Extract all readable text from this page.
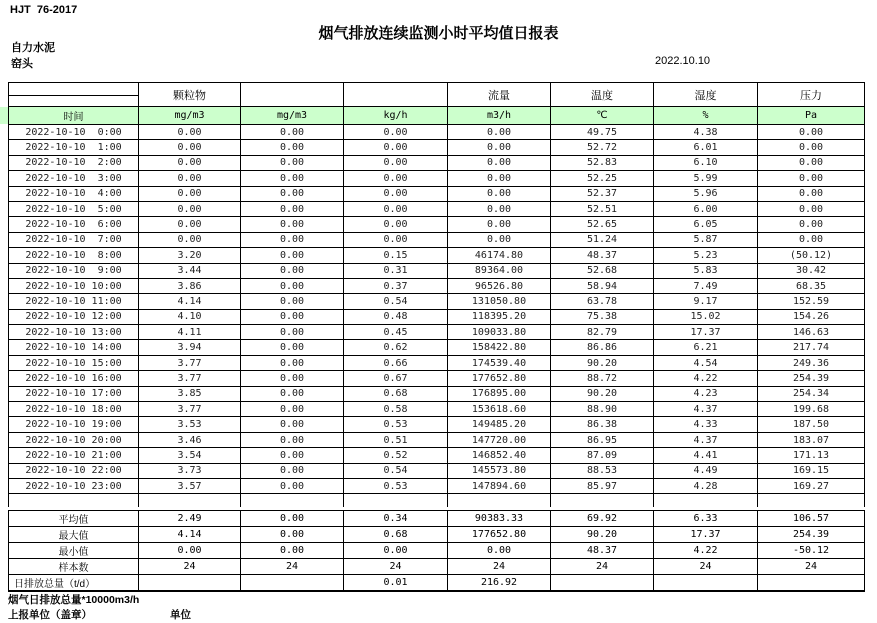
HJT  76-2017
烟气排放连续监测小时平均值日报表
自力水泥
窑头	2022.10.10
	颗粒物			流量	温度	湿度	压力
时间	mg/m3	mg/m3	kg/h	m3/h	℃	%	Pa
2022-10-10  0:00	0.00	0.00	0.00	0.00	49.75	4.38	0.00
2022-10-10  1:00	0.00	0.00	0.00	0.00	52.72	6.01	0.00
2022-10-10  2:00	0.00	0.00	0.00	0.00	52.83	6.10	0.00
2022-10-10  3:00	0.00	0.00	0.00	0.00	52.25	5.99	0.00
2022-10-10  4:00	0.00	0.00	0.00	0.00	52.37	5.96	0.00
2022-10-10  5:00	0.00	0.00	0.00	0.00	52.51	6.00	0.00
2022-10-10  6:00	0.00	0.00	0.00	0.00	52.65	6.05	0.00
2022-10-10  7:00	0.00	0.00	0.00	0.00	51.24	5.87	0.00
2022-10-10  8:00	3.20	0.00	0.15	46174.80	48.37	5.23	(50.12)
2022-10-10  9:00	3.44	0.00	0.31	89364.00	52.68	5.83	30.42
2022-10-10 10:00	3.86	0.00	0.37	96526.80	58.94	7.49	68.35
2022-10-10 11:00	4.14	0.00	0.54	131050.80	63.78	9.17	152.59
2022-10-10 12:00	4.10	0.00	0.48	118395.20	75.38	15.02	154.26
2022-10-10 13:00	4.11	0.00	0.45	109033.80	82.79	17.37	146.63
2022-10-10 14:00	3.94	0.00	0.62	158422.80	86.86	6.21	217.74
2022-10-10 15:00	3.77	0.00	0.66	174539.40	90.20	4.54	249.36
2022-10-10 16:00	3.77	0.00	0.67	177652.80	88.72	4.22	254.39
2022-10-10 17:00	3.85	0.00	0.68	176895.00	90.20	4.23	254.34
2022-10-10 18:00	3.77	0.00	0.58	153618.60	88.90	4.37	199.68
2022-10-10 19:00	3.53	0.00	0.53	149485.20	86.38	4.33	187.50
2022-10-10 20:00	3.46	0.00	0.51	147720.00	86.95	4.37	183.07
2022-10-10 21:00	3.54	0.00	0.52	146852.40	87.09	4.41	171.13
2022-10-10 22:00	3.73	0.00	0.54	145573.80	88.53	4.49	169.15
2022-10-10 23:00	3.57	0.00	0.53	147894.60	85.97	4.28	169.27

平均值	2.49	0.00	0.34	90383.33	69.92	6.33	106.57
最大值	4.14	0.00	0.68	177652.80	90.20	17.37	254.39
最小值	0.00	0.00	0.00	0.00	48.37	4.22	-50.12
样本数	24	24	24	24	24	24	24
日排放总量（t/d）			0.01	216.92			
烟气日排放总量*10000m3/h
上报单位（盖章）	单位
